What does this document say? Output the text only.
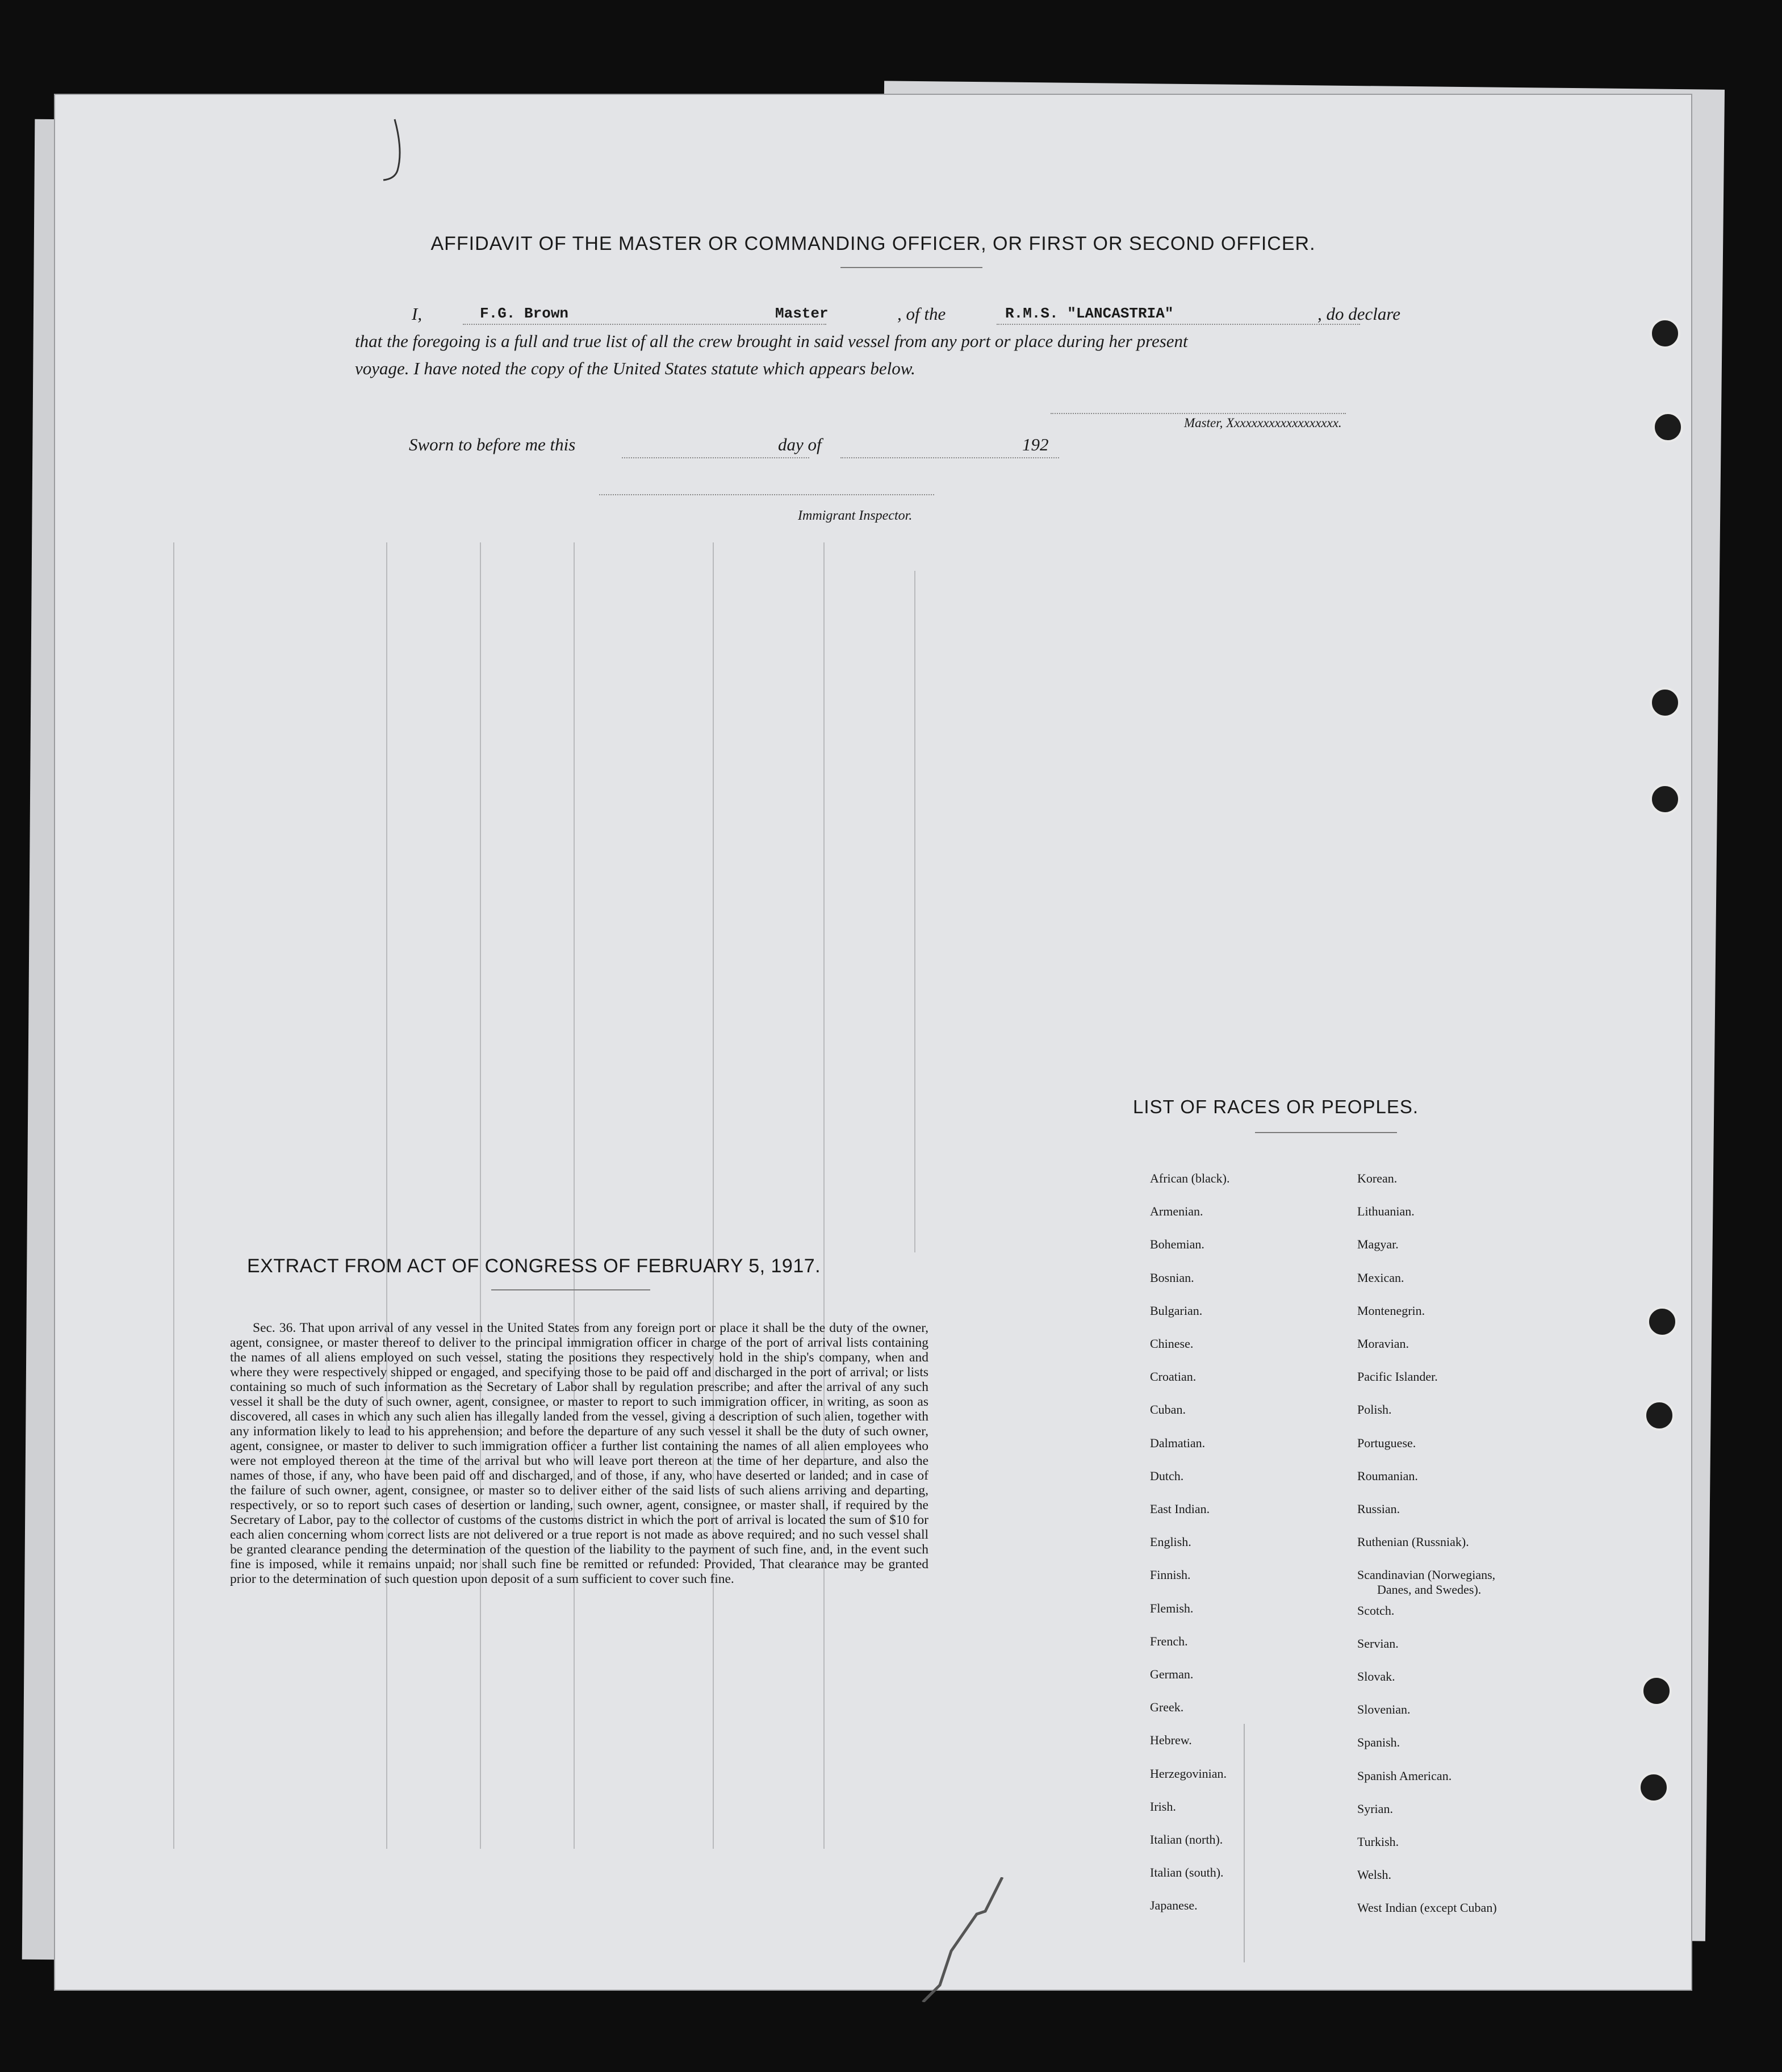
AFFIDAVIT OF THE MASTER OR COMMANDING OFFICER, OR FIRST OR SECOND OFFICER.
I,	F.G. Brown	Master	, of the	R.M.S. "LANCASTRIA"	, do declare
that the foregoing is a full and true list of all the crew brought in said vessel from any port or place during her present
voyage. I have noted the copy of the United States statute which appears below.
Master, Xxxxxxxxxxxxxxxxxxx.
Sworn to before me this	day of	192
Immigrant Inspector.
EXTRACT FROM ACT OF CONGRESS OF FEBRUARY 5, 1917.
Sec. 36. That upon arrival of any vessel in the United States from any foreign port or place it shall be the duty of the owner, agent, consignee, or master thereof to deliver to the principal immigration officer in charge of the port of arrival lists containing the names of all aliens employed on such vessel, stating the positions they respectively hold in the ship's company, when and where they were respectively shipped or engaged, and specifying those to be paid off and discharged in the port of arrival; or lists containing so much of such information as the Secretary of Labor shall by regulation prescribe; and after the arrival of any such vessel it shall be the duty of such owner, agent, consignee, or master to report to such immigration officer, in writing, as soon as discovered, all cases in which any such alien has illegally landed from the vessel, giving a description of such alien, together with any information likely to lead to his apprehension; and before the departure of any such vessel it shall be the duty of such owner, agent, consignee, or master to deliver to such immigration officer a further list containing the names of all alien employees who were not employed thereon at the time of the arrival but who will leave port thereon at the time of her departure, and also the names of those, if any, who have been paid off and discharged, and of those, if any, who have deserted or landed; and in case of the failure of such owner, agent, consignee, or master so to deliver either of the said lists of such aliens arriving and departing, respectively, or so to report such cases of desertion or landing, such owner, agent, consignee, or master shall, if required by the Secretary of Labor, pay to the collector of customs of the customs district in which the port of arrival is located the sum of $10 for each alien concerning whom correct lists are not delivered or a true report is not made as above required; and no such vessel shall be granted clearance pending the determination of the question of the liability to the payment of such fine, and, in the event such fine is imposed, while it remains unpaid; nor shall such fine be remitted or refunded: Provided, That clearance may be granted prior to the determination of such question upon deposit of a sum sufficient to cover such fine.
LIST OF RACES OR PEOPLES.
African (black).
Armenian.
Bohemian.
Bosnian.
Bulgarian.
Chinese.
Croatian.
Cuban.
Dalmatian.
Dutch.
East Indian.
English.
Finnish.
Flemish.
French.
German.
Greek.
Hebrew.
Herzegovinian.
Irish.
Italian (north).
Italian (south).
Japanese.
Korean.
Lithuanian.
Magyar.
Mexican.
Montenegrin.
Moravian.
Pacific Islander.
Polish.
Portuguese.
Roumanian.
Russian.
Ruthenian (Russniak).
Scandinavian (Norwegians,
Danes, and Swedes).
Scotch.
Servian.
Slovak.
Slovenian.
Spanish.
Spanish American.
Syrian.
Turkish.
Welsh.
West Indian (except Cuban)
